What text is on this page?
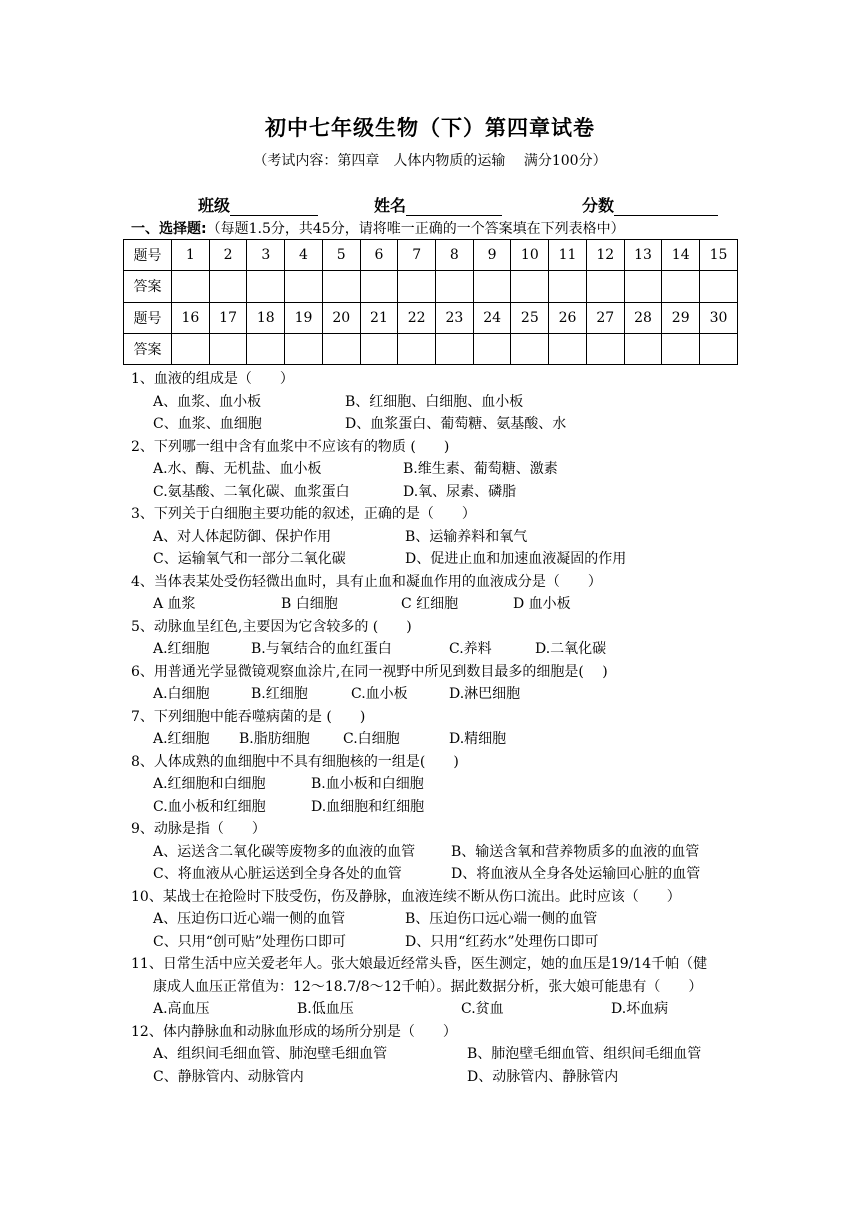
初中七年级生物（下）第四章试卷
（考试内容：第四章　人体内物质的运输　 满分100分）
班级	姓名	分数
一、选择题:（每题1.5分，共45分，请将唯一正确的一个答案填在下列表格中）
题号	1	2	3	4	5	6	7	8	9	10	11	12	13	14	15
答案															
题号	16	17	18	19	20	21	22	23	24	25	26	27	28	29	30
答案															
1、血液的组成是（　　）
A、血浆、血小板	B、红细胞、白细胞、血小板
C、血浆、血细胞	D、血浆蛋白、葡萄糖、氨基酸、水
2、下列哪一组中含有血浆中不应该有的物质 (　　)
A.水、酶、无机盐、血小板	B.维生素、葡萄糖、激素
C.氨基酸、二氧化碳、血浆蛋白	D.氧、尿素、磷脂
3、下列关于白细胞主要功能的叙述，正确的是（　　）
A、对人体起防御、保护作用	B、运输养料和氧气
C、运输氧气和一部分二氧化碳	D、促进止血和加速血液凝固的作用
4、当体表某处受伤轻微出血时，具有止血和凝血作用的血液成分是（　　）
A 血浆	B 白细胞	C 红细胞	D 血小板
5、动脉血呈红色,主要因为它含较多的 (　　)
A.红细胞	B.与氧结合的血红蛋白	C.养料	D.二氧化碳
6、用普通光学显微镜观察血涂片,在同一视野中所见到数目最多的细胞是(　 )
A.白细胞	B.红细胞	C.血小板	D.淋巴细胞
7、下列细胞中能吞噬病菌的是 (　　)
A.红细胞 B.脂肪细胞 C.白细胞	D.精细胞
8、人体成熟的血细胞中不具有细胞核的一组是(　　)
A.红细胞和白细胞	B.血小板和白细胞
C.血小板和红细胞	D.血细胞和红细胞
9、动脉是指（　　）
A、运送含二氧化碳等废物多的血液的血管	B、输送含氧和营养物质多的血液的血管
C、将血液从心脏运送到全身各处的血管	D、将血液从全身各处运输回心脏的血管
10、某战士在抢险时下肢受伤，伤及静脉，血液连续不断从伤口流出。此时应该（　　）
A、压迫伤口近心端一侧的血管	B、压迫伤口远心端一侧的血管
C、只用“创可贴”处理伤口即可	D、只用“红药水”处理伤口即可
11、日常生活中应关爱老年人。张大娘最近经常头昏，医生测定，她的血压是19/14千帕（健
康成人血压正常值为：12～18.7/8～12千帕）。据此数据分析，张大娘可能患有（　　）
A.高血压	B.低血压	C.贫血	D.坏血病
12、体内静脉血和动脉血形成的场所分别是（　　）
A、组织间毛细血管、肺泡壁毛细血管	B、肺泡壁毛细血管、组织间毛细血管
C、静脉管内、动脉管内	D、动脉管内、静脉管内
